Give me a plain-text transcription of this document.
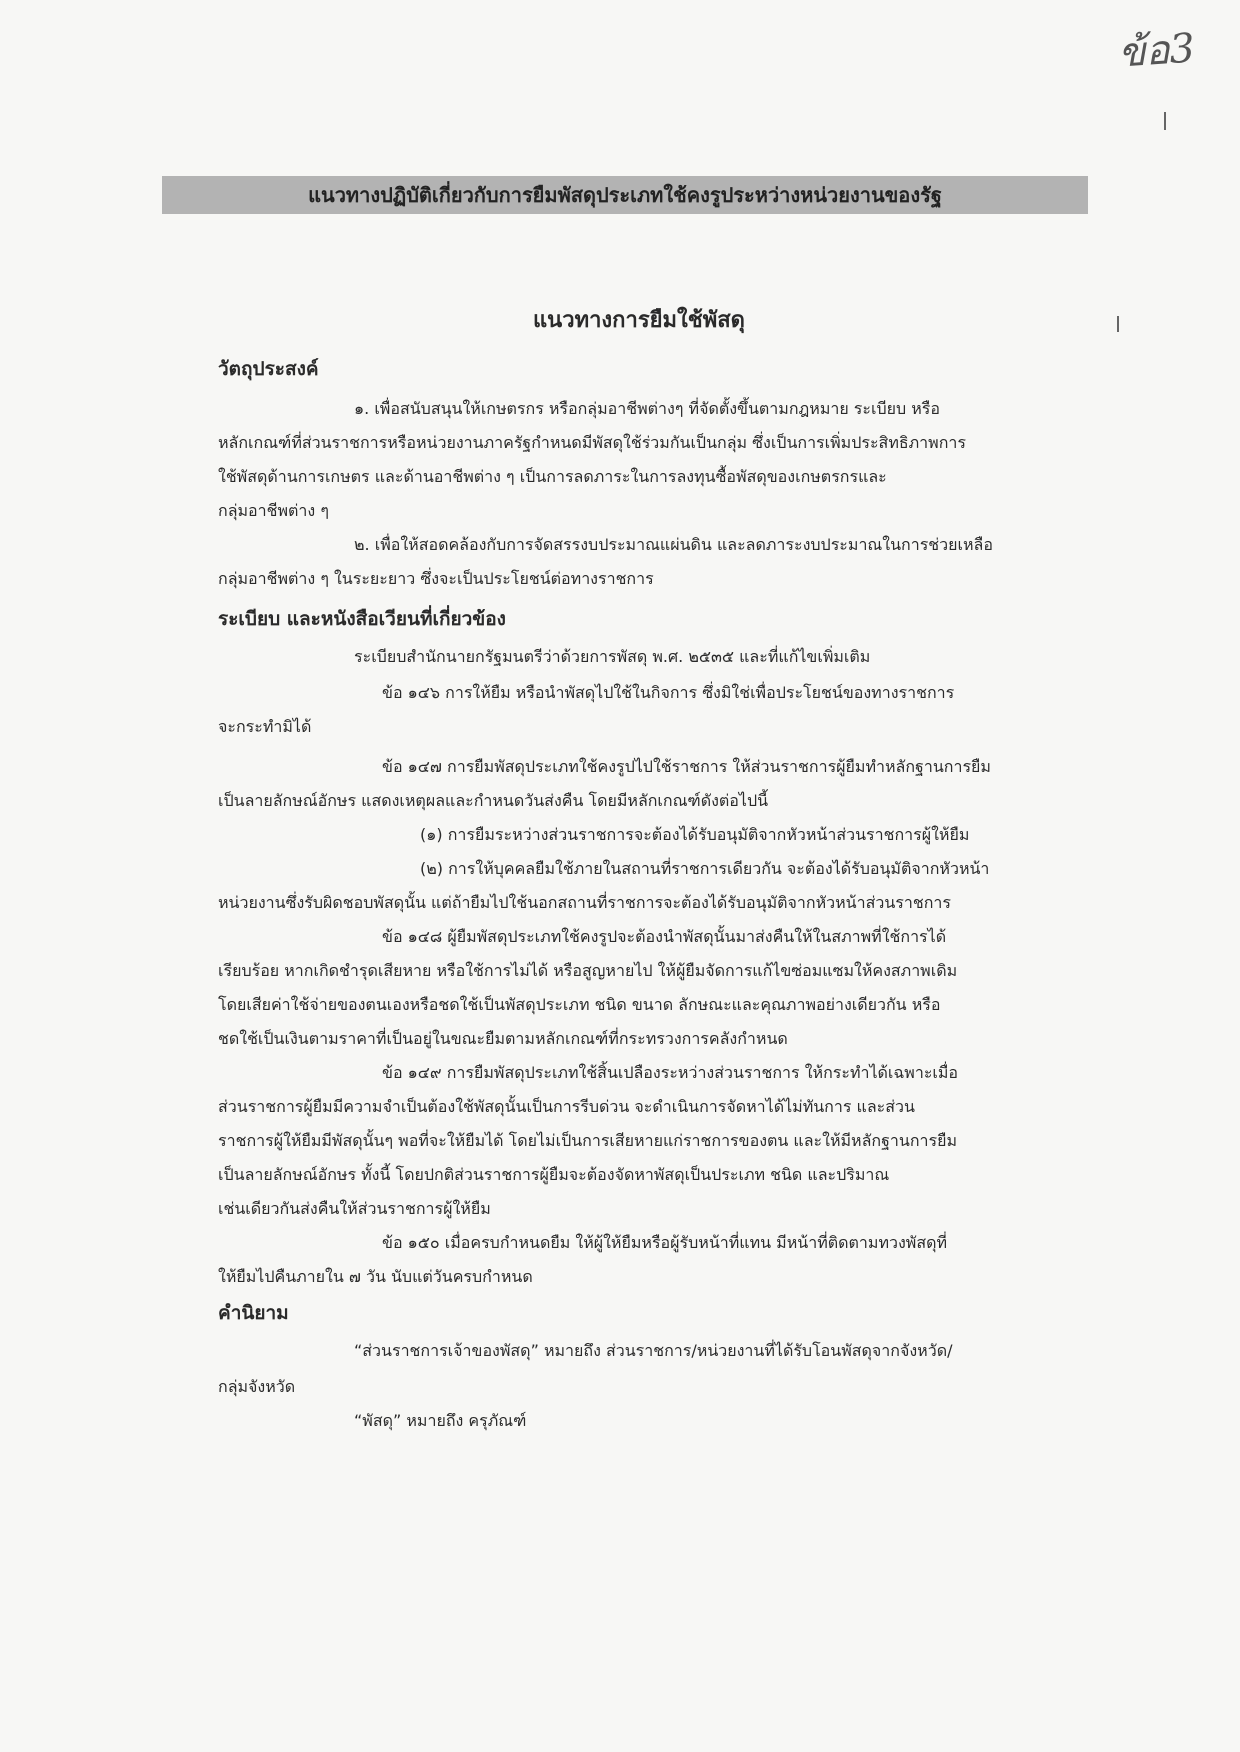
ข้อ3
แนวทางปฏิบัติเกี่ยวกับการยืมพัสดุประเภทใช้คงรูประหว่างหน่วยงานของรัฐ
แนวทางการยืมใช้พัสดุ
วัตถุประสงค์
๑. เพื่อสนับสนุนให้เกษตรกร หรือกลุ่มอาชีพต่างๆ ที่จัดตั้งขึ้นตามกฎหมาย ระเบียบ หรือ
หลักเกณฑ์ที่ส่วนราชการหรือหน่วยงานภาครัฐกำหนดมีพัสดุใช้ร่วมกันเป็นกลุ่ม ซึ่งเป็นการเพิ่มประสิทธิภาพการ
ใช้พัสดุด้านการเกษตร และด้านอาชีพต่าง ๆ เป็นการลดภาระในการลงทุนซื้อพัสดุของเกษตรกรและ
กลุ่มอาชีพต่าง ๆ
๒. เพื่อให้สอดคล้องกับการจัดสรรงบประมาณแผ่นดิน และลดภาระงบประมาณในการช่วยเหลือ
กลุ่มอาชีพต่าง ๆ ในระยะยาว ซึ่งจะเป็นประโยชน์ต่อทางราชการ
ระเบียบ และหนังสือเวียนที่เกี่ยวข้อง
ระเบียบสำนักนายกรัฐมนตรีว่าด้วยการพัสดุ พ.ศ. ๒๕๓๕ และที่แก้ไขเพิ่มเติม
ข้อ ๑๔๖ การให้ยืม หรือนำพัสดุไปใช้ในกิจการ ซึ่งมิใช่เพื่อประโยชน์ของทางราชการ
จะกระทำมิได้
ข้อ ๑๔๗ การยืมพัสดุประเภทใช้คงรูปไปใช้ราชการ ให้ส่วนราชการผู้ยืมทำหลักฐานการยืม
เป็นลายลักษณ์อักษร แสดงเหตุผลและกำหนดวันส่งคืน โดยมีหลักเกณฑ์ดังต่อไปนี้
(๑) การยืมระหว่างส่วนราชการจะต้องได้รับอนุมัติจากหัวหน้าส่วนราชการผู้ให้ยืม
(๒) การให้บุคคลยืมใช้ภายในสถานที่ราชการเดียวกัน จะต้องได้รับอนุมัติจากหัวหน้า
หน่วยงานซึ่งรับผิดชอบพัสดุนั้น แต่ถ้ายืมไปใช้นอกสถานที่ราชการจะต้องได้รับอนุมัติจากหัวหน้าส่วนราชการ
ข้อ ๑๔๘ ผู้ยืมพัสดุประเภทใช้คงรูปจะต้องนำพัสดุนั้นมาส่งคืนให้ในสภาพที่ใช้การได้
เรียบร้อย หากเกิดชำรุดเสียหาย หรือใช้การไม่ได้ หรือสูญหายไป ให้ผู้ยืมจัดการแก้ไขซ่อมแซมให้คงสภาพเดิม
โดยเสียค่าใช้จ่ายของตนเองหรือชดใช้เป็นพัสดุประเภท ชนิด ขนาด ลักษณะและคุณภาพอย่างเดียวกัน หรือ
ชดใช้เป็นเงินตามราคาที่เป็นอยู่ในขณะยืมตามหลักเกณฑ์ที่กระทรวงการคลังกำหนด
ข้อ ๑๔๙ การยืมพัสดุประเภทใช้สิ้นเปลืองระหว่างส่วนราชการ ให้กระทำได้เฉพาะเมื่อ
ส่วนราชการผู้ยืมมีความจำเป็นต้องใช้พัสดุนั้นเป็นการรีบด่วน จะดำเนินการจัดหาได้ไม่ทันการ และส่วน
ราชการผู้ให้ยืมมีพัสดุนั้นๆ พอที่จะให้ยืมได้ โดยไม่เป็นการเสียหายแก่ราชการของตน และให้มีหลักฐานการยืม
เป็นลายลักษณ์อักษร ทั้งนี้ โดยปกติส่วนราชการผู้ยืมจะต้องจัดหาพัสดุเป็นประเภท ชนิด และปริมาณ
เช่นเดียวกันส่งคืนให้ส่วนราชการผู้ให้ยืม
ข้อ ๑๕๐ เมื่อครบกำหนดยืม ให้ผู้ให้ยืมหรือผู้รับหน้าที่แทน มีหน้าที่ติดตามทวงพัสดุที่
ให้ยืมไปคืนภายใน ๗ วัน นับแต่วันครบกำหนด
คำนิยาม
“ส่วนราชการเจ้าของพัสดุ” หมายถึง ส่วนราชการ/หน่วยงานที่ได้รับโอนพัสดุจากจังหวัด/
กลุ่มจังหวัด
“พัสดุ” หมายถึง ครุภัณฑ์
